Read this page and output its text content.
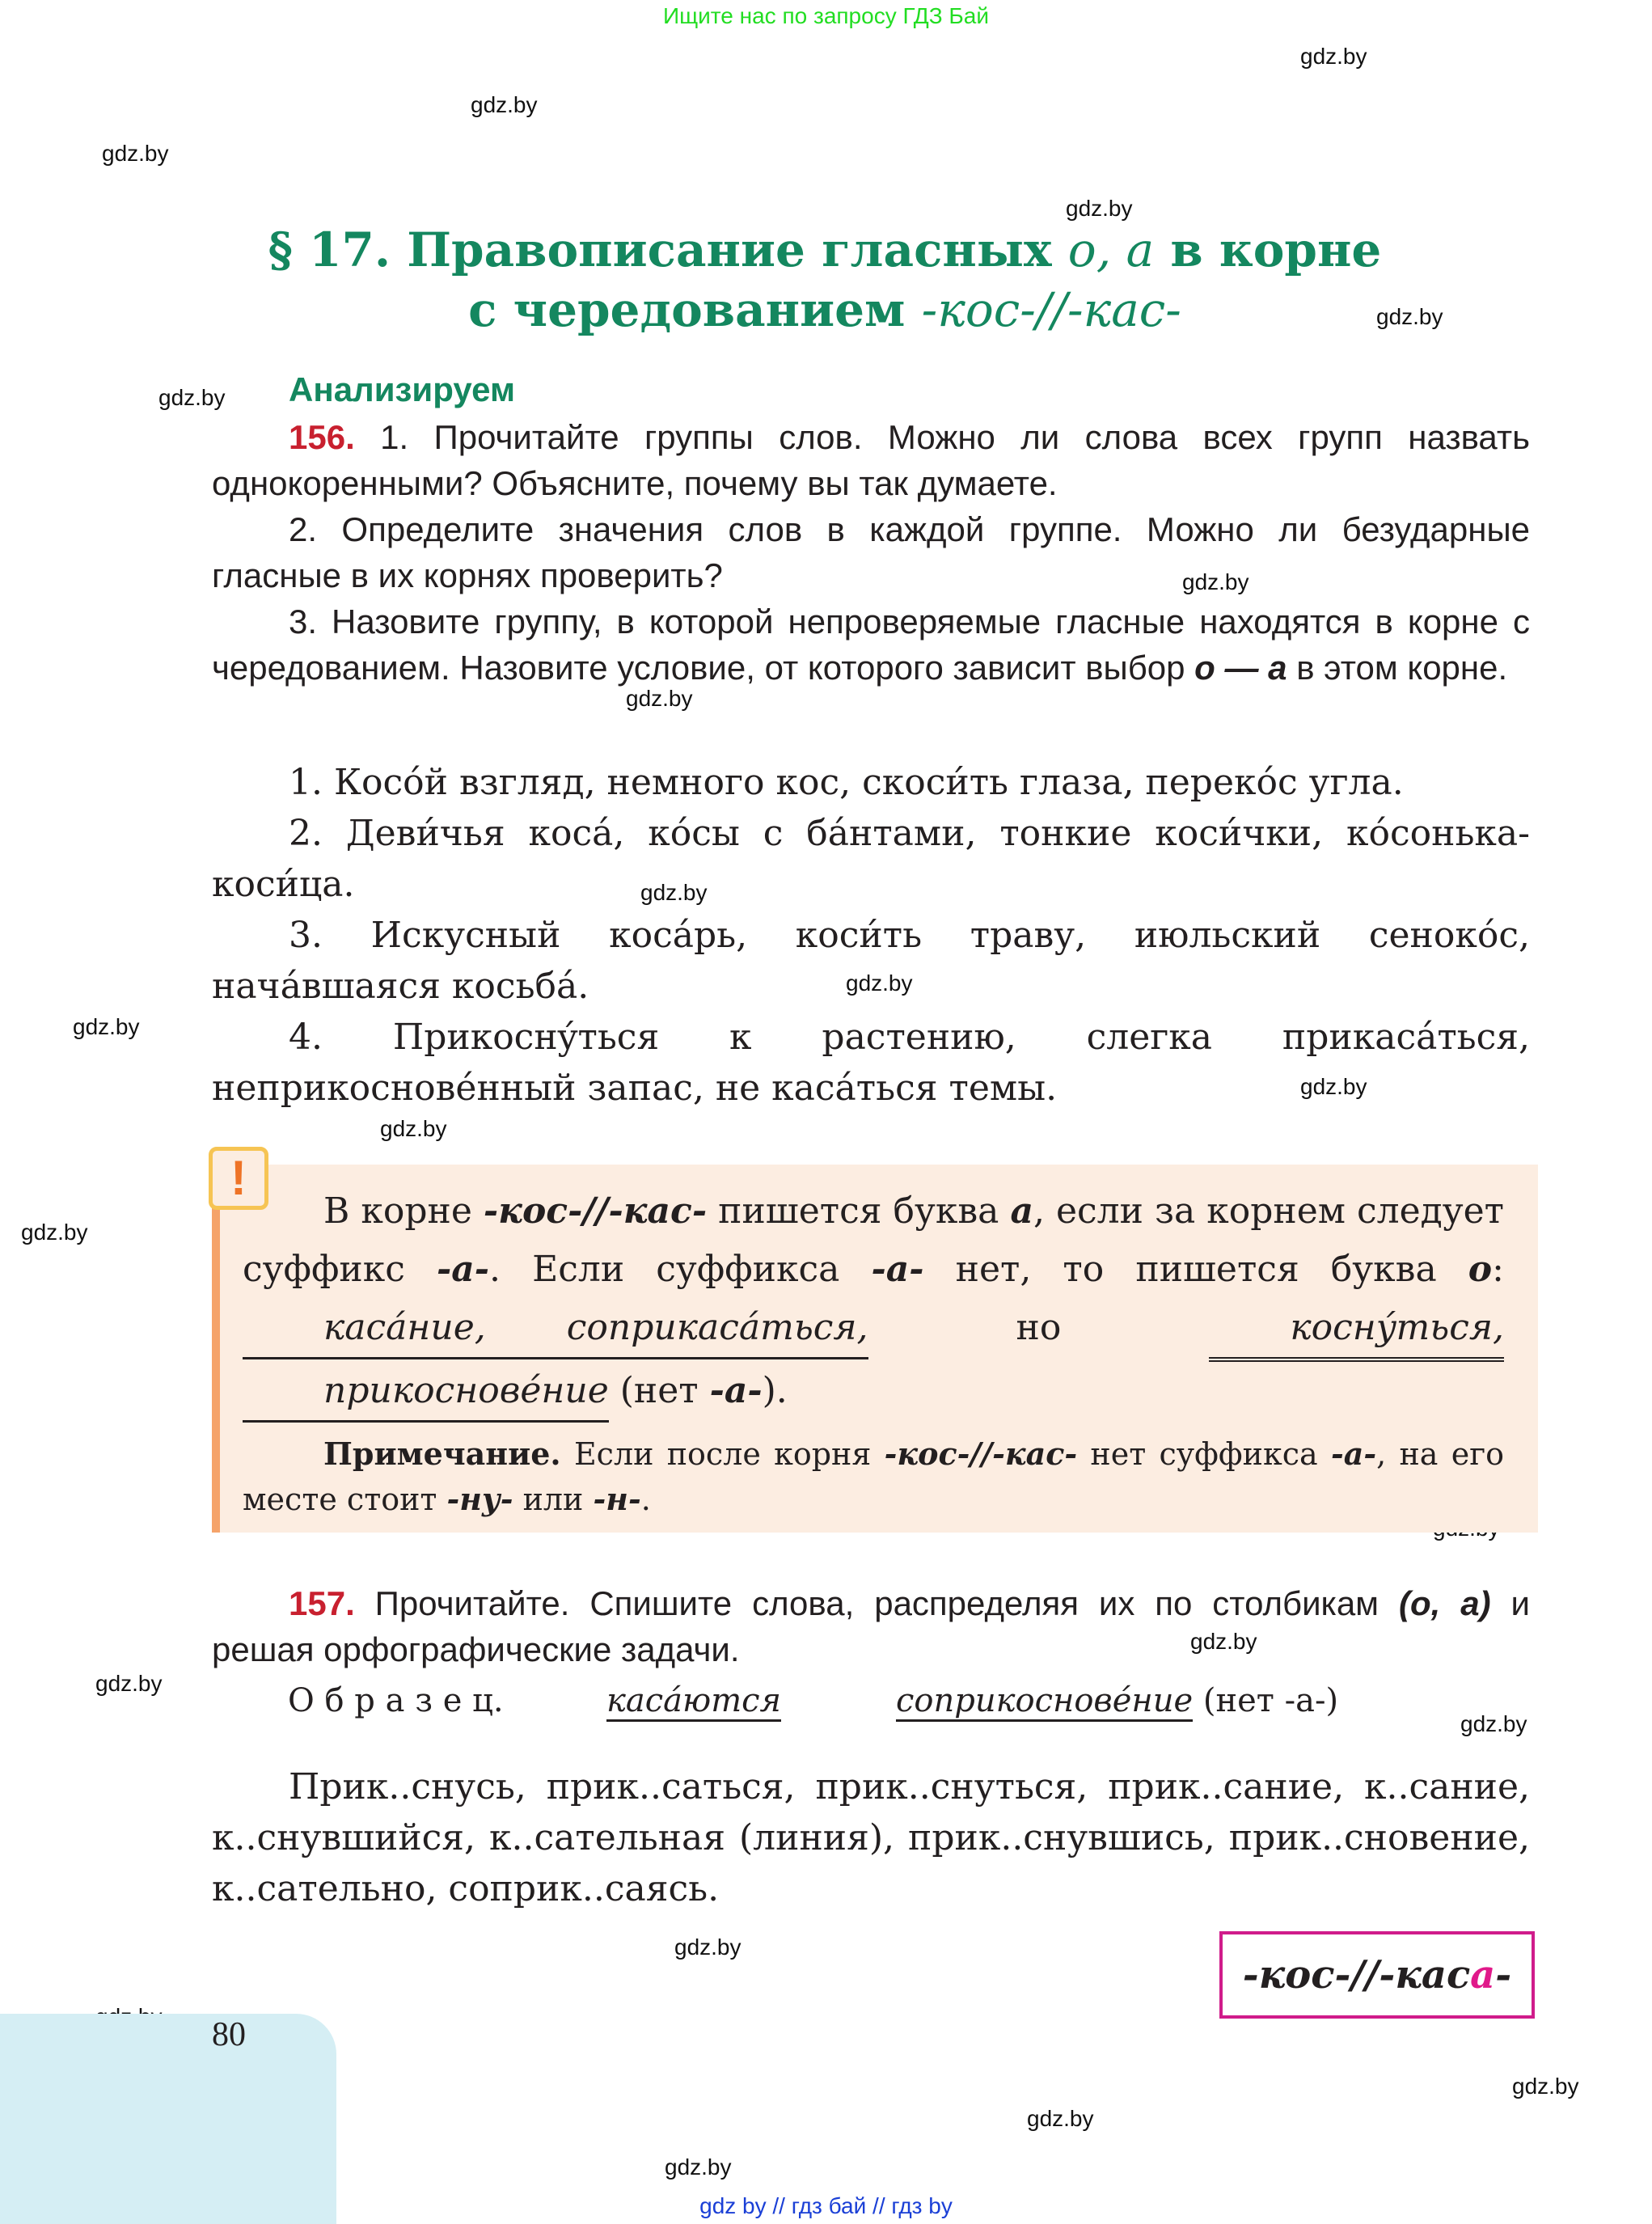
Ищите нас по запросу ГДЗ Бай
gdz.by
gdz.by
gdz.by
gdz.by
gdz.by
gdz.by
gdz.by
gdz.by
gdz.by
gdz.by
gdz.by
gdz.by
gdz.by
gdz.by
gdz.by
gdz.by
gdz.by
gdz.by
gdz.by
gdz.by
gdz.by
§ 17. Правописание гласных о, а в корне
с чередованием -кос-//-кас-
Анализируем

156. 1. Прочитайте группы слов. Можно ли слова всех групп назвать однокоренными? Объясните, почему вы так думаете.

2. Определите значения слов в каждой группе. Можно ли безударные гласные в их корнях проверить?

3. Назовите группу, в которой непроверяемые гласные находятся в корне с чередованием. Назовите условие, от которого зависит выбор о — а в этом корне.

1. Косóй взгляд, немного кос, скоси́ть глаза, перекóс угла.

2. Деви́чья косá, кóсы с бáнтами, тонкие коси́чки, кóсонька-коси́ца.

3. Искусный косáрь, коси́ть траву, июльский сенокóс, начáвшаяся косьбá.

4. Прикоснýться к растению, слегка прикасáться, неприкосновéнный запас, не касáться темы.

!

В корне -кос-//-кас- пишется буква а, если за корнем следует суффикс -а-. Если суффикса -а- нет, то пишется буква о: касáние,соприкасáться, но коснýться,прикосновéние (нет -а-).

Примечание. Если после корня -кос-//-кас- нет суффикса -а-, на его месте стоит -ну- или -н-.

157. Прочитайте. Спишите слова, распределяя их по столбикам (о, а) и решая орфографические задачи.

О б р а з е ц.	касáются	соприкосновéние (нет -а-)

Прик..снусь, прик..саться, прик..снуться, прик..сание, к..сание, к..снувшийся, к..сательная (линия), прик..снувшись, прик..сновение, к..сательно, соприк..саясь.

-кос-//-каса-
80
gdz by // гдз бай // гдз by
